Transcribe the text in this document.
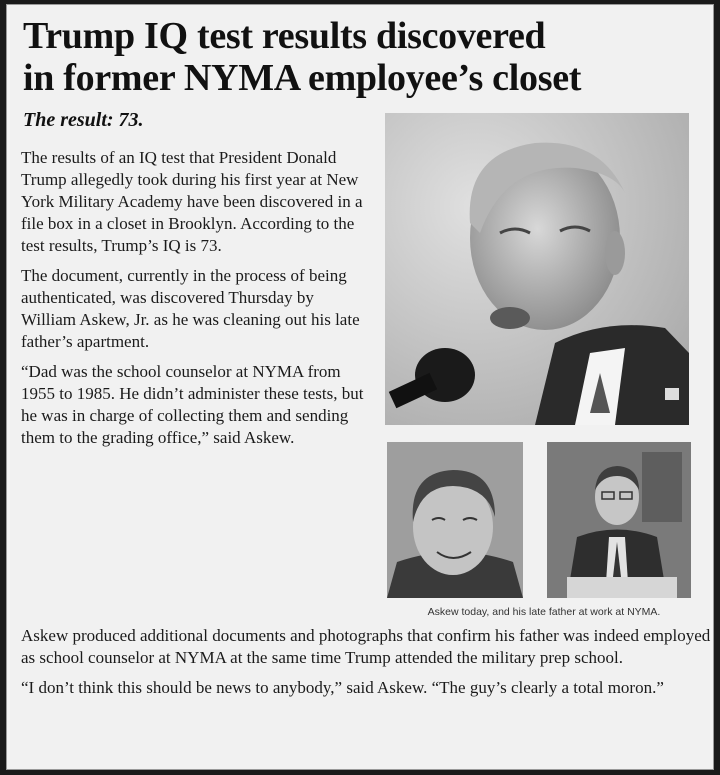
Trump IQ test results discovered
in former NYMA employee’s closet
The result: 73.

The results of an IQ test that President Donald Trump allegedly took during his first year at New York Military Academy have been discovered in a file box in a closet in Brooklyn. According to the test results, Trump’s IQ is 73.

The document, currently in the process of being authenticated, was discovered Thursday by William Askew, Jr. as he was cleaning out his late father’s apartment.

“Dad was the school counselor at NYMA from 1955 to 1985. He didn’t administer these tests, but he was in charge of collecting them and sending them to the grading office,” said Askew.

Askew today, and his late father at work at NYMA.

Askew produced additional documents and photographs that confirm his father was indeed employed as school counselor at NYMA at the same time Trump attended the military prep school.

“I don’t think this should be news to anybody,” said Askew. “The guy’s clearly a total moron.”
